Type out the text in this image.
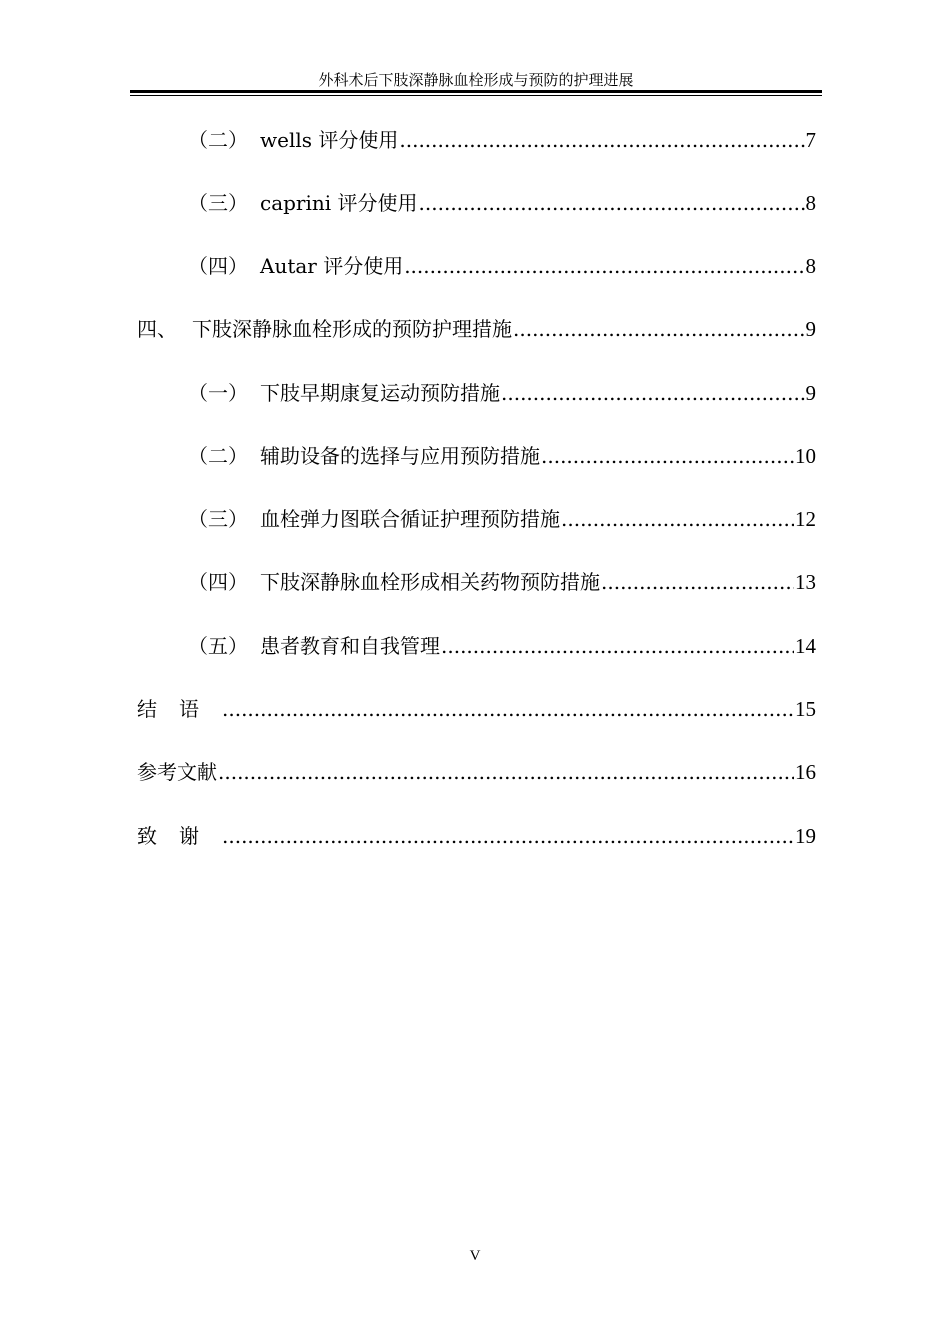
外科术后下肢深静脉血栓形成与预防的护理进展
（二） wells 评分使用 .....	7
（三） caprini 评分使用 .....	8
（四） Autar 评分使用 .....	8
四、 下肢深静脉血栓形成的预防护理措施 .....	9
（一） 下肢早期康复运动预防措施 .....	9
（二） 辅助设备的选择与应用预防措施 .....	10
（三） 血栓弹力图联合循证护理预防措施 .....	12
（四） 下肢深静脉血栓形成相关药物预防措施 .....	13
（五） 患者教育和自我管理 .....	14
结语 .....	15
参考文献 .....	16
致谢 .....	19
V
